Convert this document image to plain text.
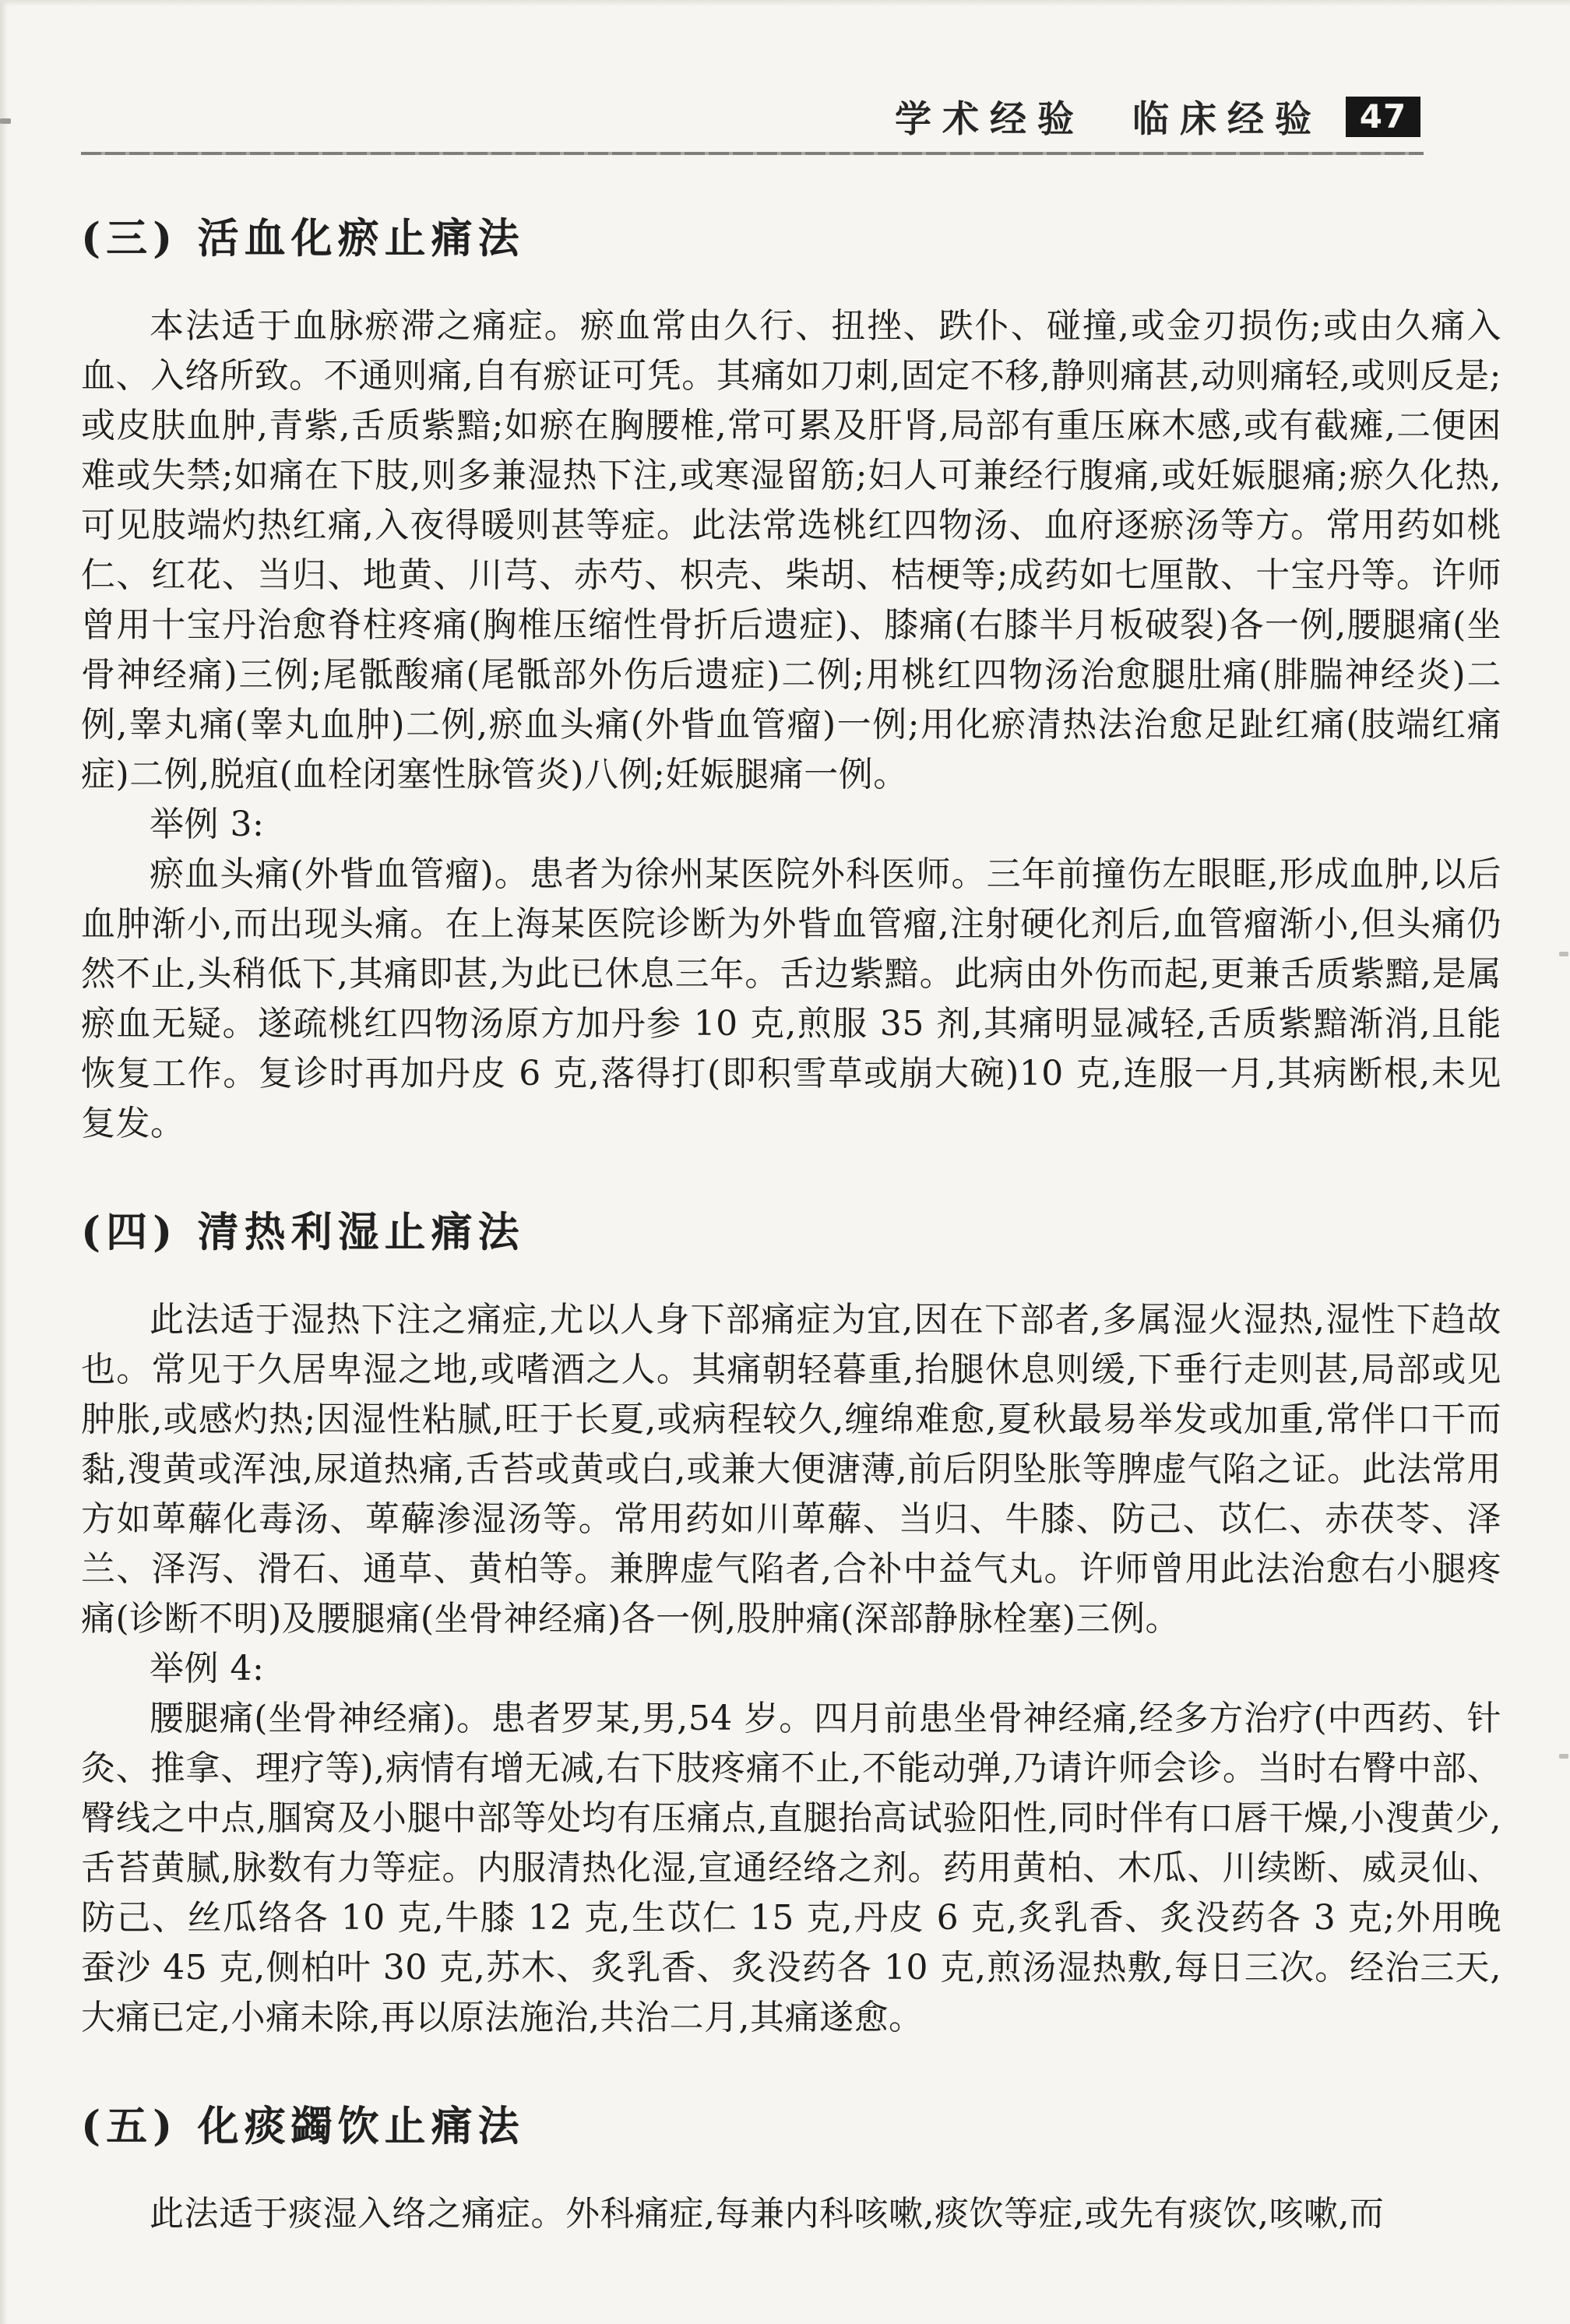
学术经验　临床经验	47
(三) 活血化瘀止痛法

本法适于血脉瘀滞之痛症。瘀血常由久行、扭挫、跌仆、碰撞,或金刃损伤;或由久痛入血、入络所致。不通则痛,自有瘀证可凭。其痛如刀刺,固定不移,静则痛甚,动则痛轻,或则反是;或皮肤血肿,青紫,舌质紫黯;如瘀在胸腰椎,常可累及肝肾,局部有重压麻木感,或有截瘫,二便困难或失禁;如痛在下肢,则多兼湿热下注,或寒湿留筋;妇人可兼经行腹痛,或妊娠腿痛;瘀久化热,可见肢端灼热红痛,入夜得暖则甚等症。此法常选桃红四物汤、血府逐瘀汤等方。常用药如桃仁、红花、当归、地黄、川芎、赤芍、枳壳、柴胡、桔梗等;成药如七厘散、十宝丹等。许师曾用十宝丹治愈脊柱疼痛(胸椎压缩性骨折后遗症)、膝痛(右膝半月板破裂)各一例,腰腿痛(坐骨神经痛)三例;尾骶酸痛(尾骶部外伤后遗症)二例;用桃红四物汤治愈腿肚痛(腓腨神经炎)二例,睾丸痛(睾丸血肿)二例,瘀血头痛(外眥血管瘤)一例;用化瘀清热法治愈足趾红痛(肢端红痛症)二例,脱疽(血栓闭塞性脉管炎)八例;妊娠腿痛一例。

举例 3:

瘀血头痛(外眥血管瘤)。患者为徐州某医院外科医师。三年前撞伤左眼眶,形成血肿,以后血肿渐小,而出现头痛。在上海某医院诊断为外眥血管瘤,注射硬化剂后,血管瘤渐小,但头痛仍然不止,头稍低下,其痛即甚,为此已休息三年。舌边紫黯。此病由外伤而起,更兼舌质紫黯,是属瘀血无疑。遂疏桃红四物汤原方加丹参 10 克,煎服 35 剂,其痛明显减轻,舌质紫黯渐消,且能恢复工作。复诊时再加丹皮 6 克,落得打(即积雪草或崩大碗)10 克,连服一月,其病断根,未见复发。

(四) 清热利湿止痛法

此法适于湿热下注之痛症,尤以人身下部痛症为宜,因在下部者,多属湿火湿热,湿性下趋故也。常见于久居卑湿之地,或嗜酒之人。其痛朝轻暮重,抬腿休息则缓,下垂行走则甚,局部或见肿胀,或感灼热;因湿性粘腻,旺于长夏,或病程较久,缠绵难愈,夏秋最易举发或加重,常伴口干而黏,溲黄或浑浊,尿道热痛,舌苔或黄或白,或兼大便溏薄,前后阴坠胀等脾虚气陷之证。此法常用方如萆薢化毒汤、萆薢渗湿汤等。常用药如川萆薢、当归、牛膝、防己、苡仁、赤茯苓、泽兰、泽泻、滑石、通草、黄柏等。兼脾虚气陷者,合补中益气丸。许师曾用此法治愈右小腿疼痛(诊断不明)及腰腿痛(坐骨神经痛)各一例,股肿痛(深部静脉栓塞)三例。

举例 4:

腰腿痛(坐骨神经痛)。患者罗某,男,54 岁。四月前患坐骨神经痛,经多方治疗(中西药、针灸、推拿、理疗等),病情有增无减,右下肢疼痛不止,不能动弹,乃请许师会诊。当时右臀中部、臀线之中点,腘窝及小腿中部等处均有压痛点,直腿抬高试验阳性,同时伴有口唇干燥,小溲黄少,舌苔黄腻,脉数有力等症。内服清热化湿,宣通经络之剂。药用黄柏、木瓜、川续断、威灵仙、防己、丝瓜络各 10 克,牛膝 12 克,生苡仁 15 克,丹皮 6 克,炙乳香、炙没药各 3 克;外用晚蚕沙 45 克,侧柏叶 30 克,苏木、炙乳香、炙没药各 10 克,煎汤湿热敷,每日三次。经治三天,大痛已定,小痛未除,再以原法施治,共治二月,其痛遂愈。

(五) 化痰蠲饮止痛法

此法适于痰湿入络之痛症。外科痛症,每兼内科咳嗽,痰饮等症,或先有痰饮,咳嗽,而
